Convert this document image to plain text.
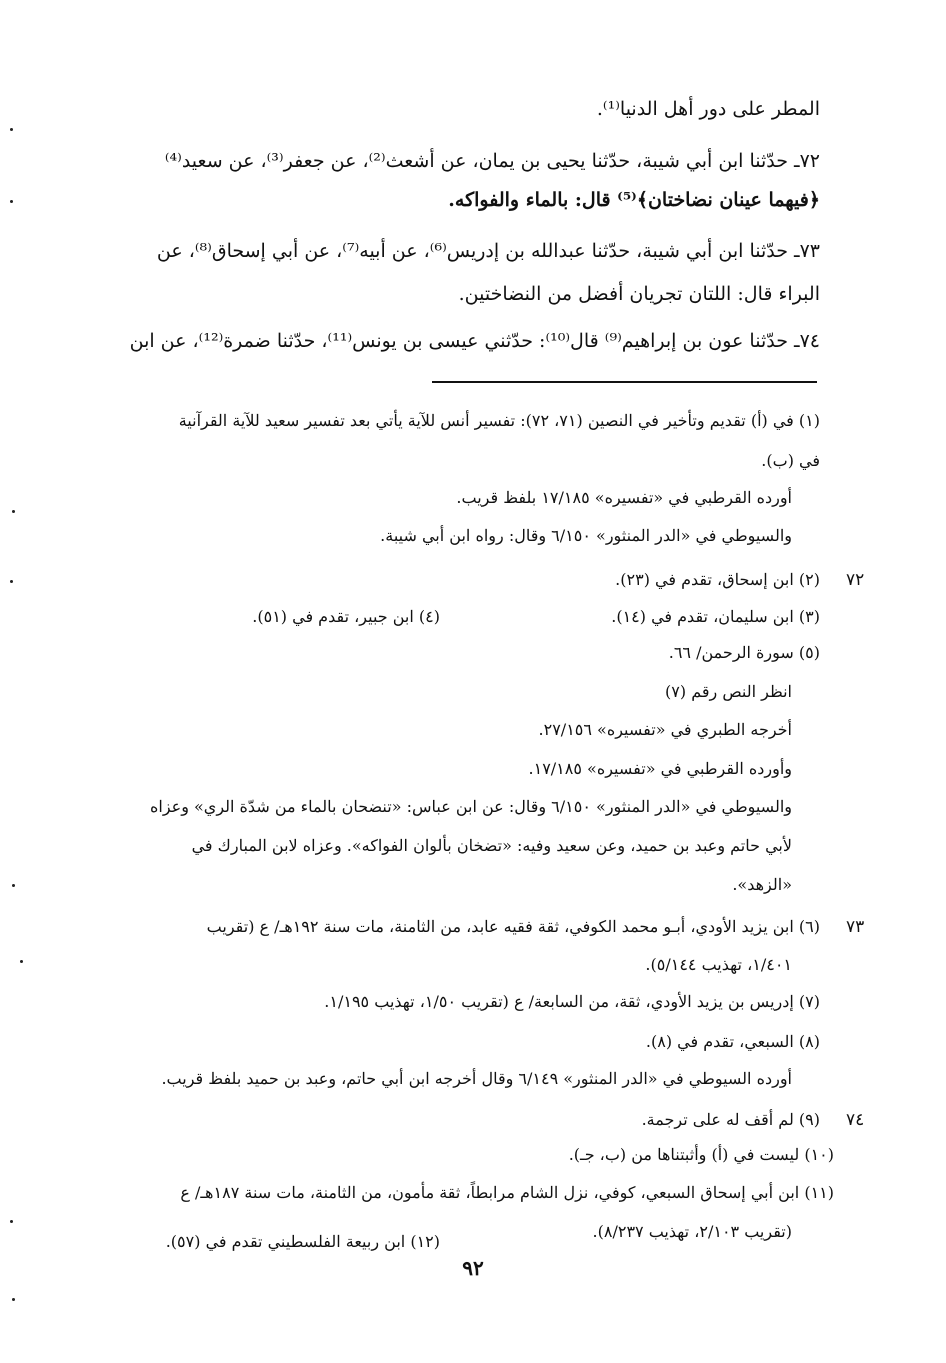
المطر على دور أهل الدنيا⁽¹⁾.
٧٢ـ حدّثنا ابن أبي شيبة، حدّثنا يحيى بن يمان، عن أشعث⁽²⁾، عن جعفر⁽³⁾، عن سعيد⁽⁴⁾
﴿فيهما عينان نضاختان﴾⁽⁵⁾ قال: بالماء والفواكه.
٧٣ـ حدّثنا ابن أبي شيبة، حدّثنا عبدالله بن إدريس⁽⁶⁾، عن أبيه⁽⁷⁾، عن أبي إسحاق⁽⁸⁾، عن
البراء قال: اللتان تجريان أفضل من النضاختين.
٧٤ـ حدّثنا عون بن إبراهيم⁽⁹⁾ قال⁽¹⁰⁾: حدّثني عيسى بن يونس⁽¹¹⁾، حدّثنا ضمرة⁽¹²⁾، عن ابن
٧٢
٧٣
٧٤
(١) في (أ) تقديم وتأخير في النصين (٧١، ٧٢): تفسير أنس للآية يأتي بعد تفسير سعيد للآية القرآنية
في (ب).
أورده القرطبي في «تفسيره» ١٧/١٨٥ بلفظ قريب.
والسيوطي في «الدر المنثور» ٦/١٥٠ وقال: رواه ابن أبي شيبة.
(٢) ابن إسحاق، تقدم في (٢٣).
(٣) ابن سليمان، تقدم في (١٤).
(٤) ابن جبير، تقدم في (٥١).
(٥) سورة الرحمن/ ٦٦.
انظر النص رقم (٧)
أخرجه الطبري في «تفسيره» ٢٧/١٥٦.
وأورده القرطبي في «تفسيره» ١٧/١٨٥.
والسيوطي في «الدر المنثور» ٦/١٥٠ وقال: عن ابن عباس: «تنضحان بالماء من شدّة الري» وعزاه
لأبي حاتم وعبد بن حميد، وعن سعيد وفيه: «تضخان بألوان الفواكه». وعزاه لابن المبارك في
«الزهد».
(٦) ابن يزيد الأودي، أبـو محمد الكوفي، ثقة فقيه عابد، من الثامنة، مات سنة ١٩٢هـ/ ع (تقريب
١/٤٠١، تهذيب ٥/١٤٤).
(٧) إدريس بن يزيد الأودي، ثقة، من السابعة/ ع (تقريب ١/٥٠، تهذيب ١/١٩٥.
(٨) السبعي، تقدم في (٨).
أورده السيوطي في «الدر المنثور» ٦/١٤٩ وقال أخرجه ابن أبي حاتم، وعبد بن حميد بلفظ قريب.
(٩) لم أقف له على ترجمة.
(١٠) ليست في (أ) وأثبتناها من (ب، جـ).
(١١) ابن أبي إسحاق السبعي، كوفي، نزل الشام مرابطاً، ثقة مأمون، من الثامنة، مات سنة ١٨٧هـ/ ع
(تقريب ٢/١٠٣، تهذيب ٨/٢٣٧).
(١٢) ابن ربيعة الفلسطيني تقدم في (٥٧).
٩٢
